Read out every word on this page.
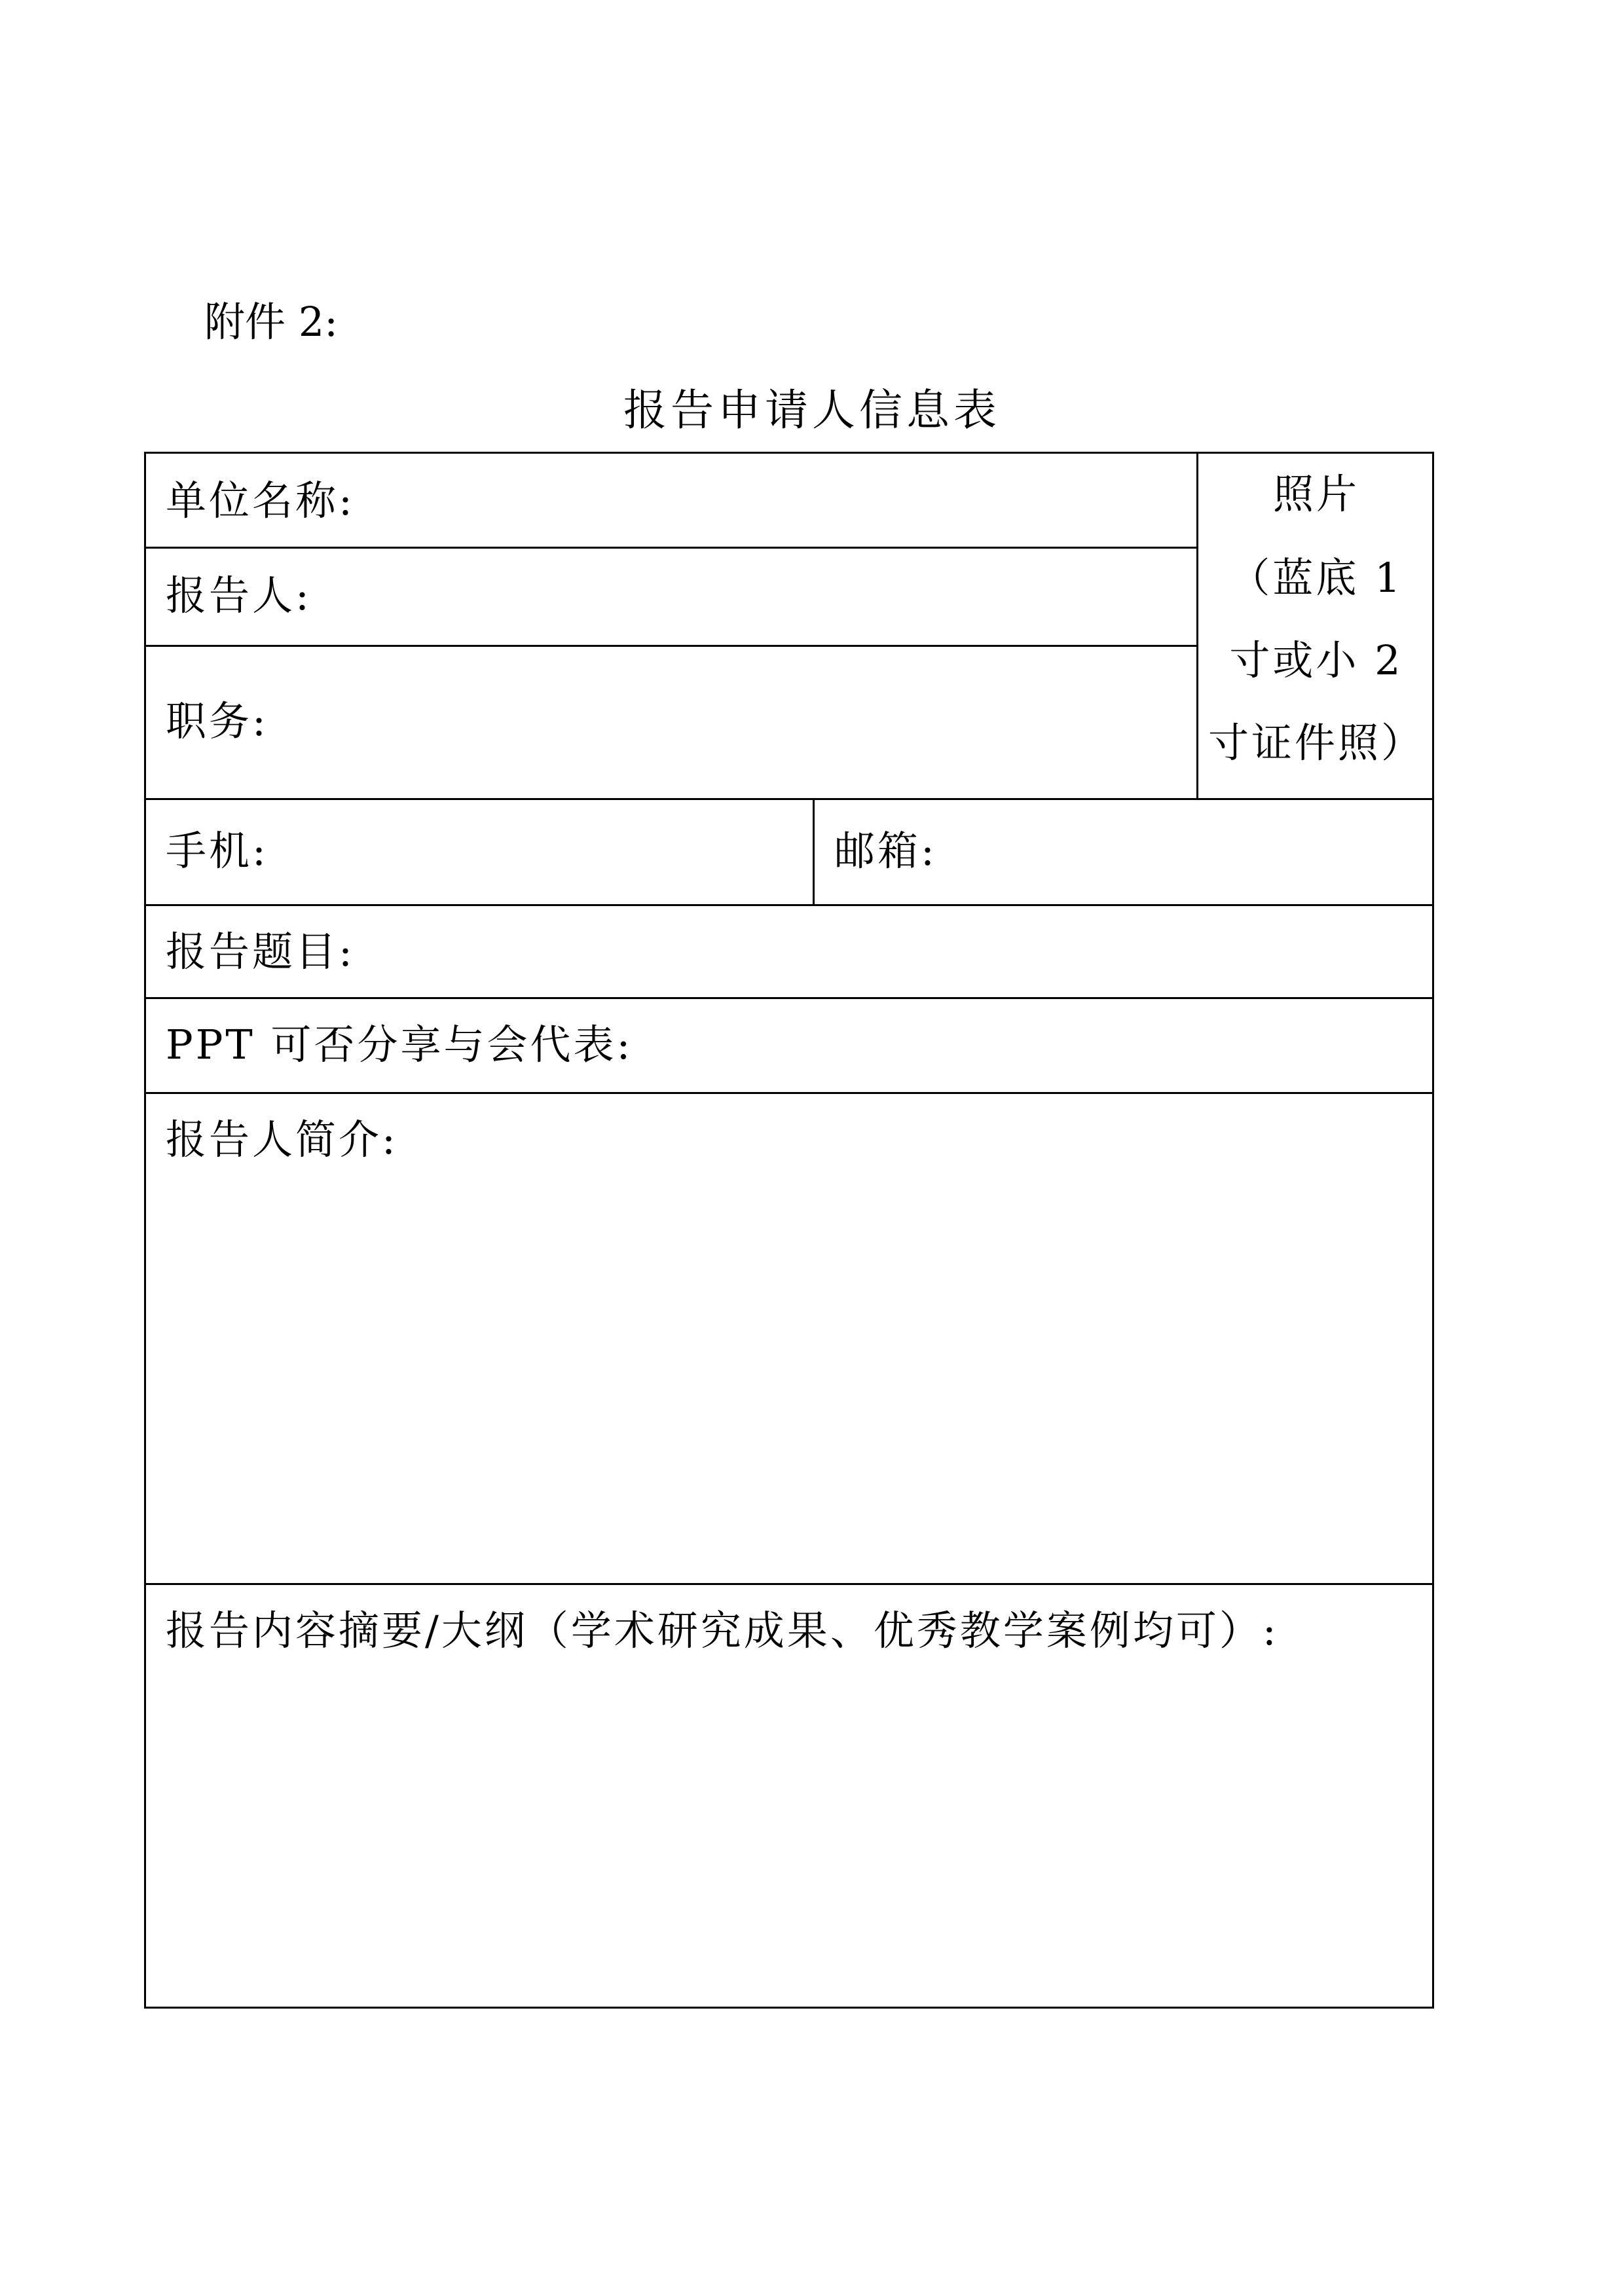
附件 2:
报告申请人信息表
单位名称:
报告人:
职务:
照片
（蓝底 1
寸或小 2
寸证件照）
手机:	邮箱:
报告题目:
PPT 可否分享与会代表:
报告人简介:
报告内容摘要/大纲（学术研究成果、优秀教学案例均可）:
